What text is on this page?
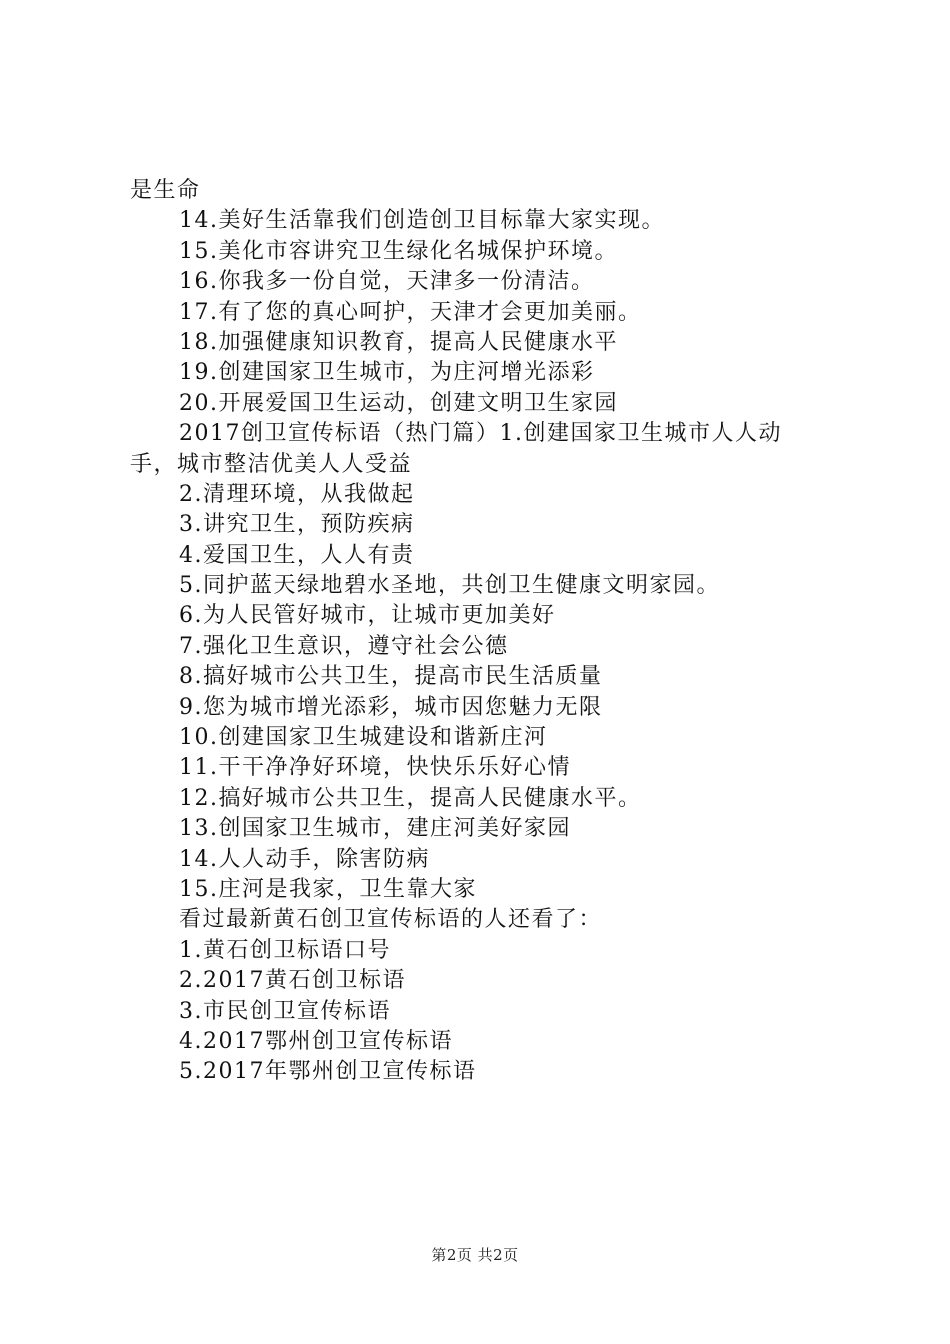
是生命
14.美好生活靠我们创造创卫目标靠大家实现。
15.美化市容讲究卫生绿化名城保护环境。
16.你我多一份自觉，天津多一份清洁。
17.有了您的真心呵护，天津才会更加美丽。
18.加强健康知识教育，提高人民健康水平
19.创建国家卫生城市，为庄河增光添彩
20.开展爱国卫生运动，创建文明卫生家园
2017创卫宣传标语（热门篇）1.创建国家卫生城市人人动
手，城市整洁优美人人受益
2.清理环境，从我做起
3.讲究卫生，预防疾病
4.爱国卫生，人人有责
5.同护蓝天绿地碧水圣地，共创卫生健康文明家园。
6.为人民管好城市，让城市更加美好
7.强化卫生意识，遵守社会公德
8.搞好城市公共卫生，提高市民生活质量
9.您为城市增光添彩，城市因您魅力无限
10.创建国家卫生城建设和谐新庄河
11.干干净净好环境，快快乐乐好心情
12.搞好城市公共卫生，提高人民健康水平。
13.创国家卫生城市，建庄河美好家园
14.人人动手，除害防病
15.庄河是我家，卫生靠大家
看过最新黄石创卫宣传标语的人还看了：
1.黄石创卫标语口号
2.2017黄石创卫标语
3.市民创卫宣传标语
4.2017鄂州创卫宣传标语
5.2017年鄂州创卫宣传标语
第2页 共2页
